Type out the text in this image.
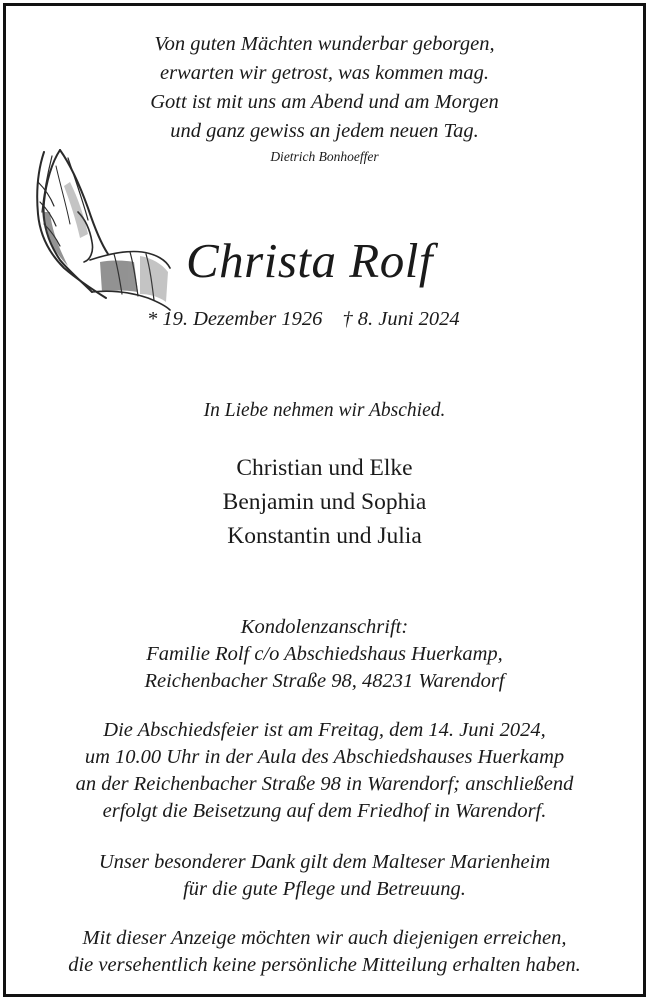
Von guten Mächten wunderbar geborgen,
erwarten wir getrost, was kommen mag.
Gott ist mit uns am Abend und am Morgen
und ganz gewiss an jedem neuen Tag.
Dietrich Bonhoeffer
Christa Rolf
* 19. Dezember 1926 † 8. Juni 2024
In Liebe nehmen wir Abschied.
Christian und Elke
Benjamin und Sophia
Konstantin und Julia
Kondolenzanschrift:
Familie Rolf c/o Abschiedshaus Huerkamp,
Reichenbacher Straße 98, 48231 Warendorf
Die Abschiedsfeier ist am Freitag, dem 14. Juni 2024,
um 10.00 Uhr in der Aula des Abschiedshauses Huerkamp
an der Reichenbacher Straße 98 in Warendorf; anschließend
erfolgt die Beisetzung auf dem Friedhof in Warendorf.
Unser besonderer Dank gilt dem Malteser Marienheim
für die gute Pflege und Betreuung.
Mit dieser Anzeige möchten wir auch diejenigen erreichen,
die versehentlich keine persönliche Mitteilung erhalten haben.
